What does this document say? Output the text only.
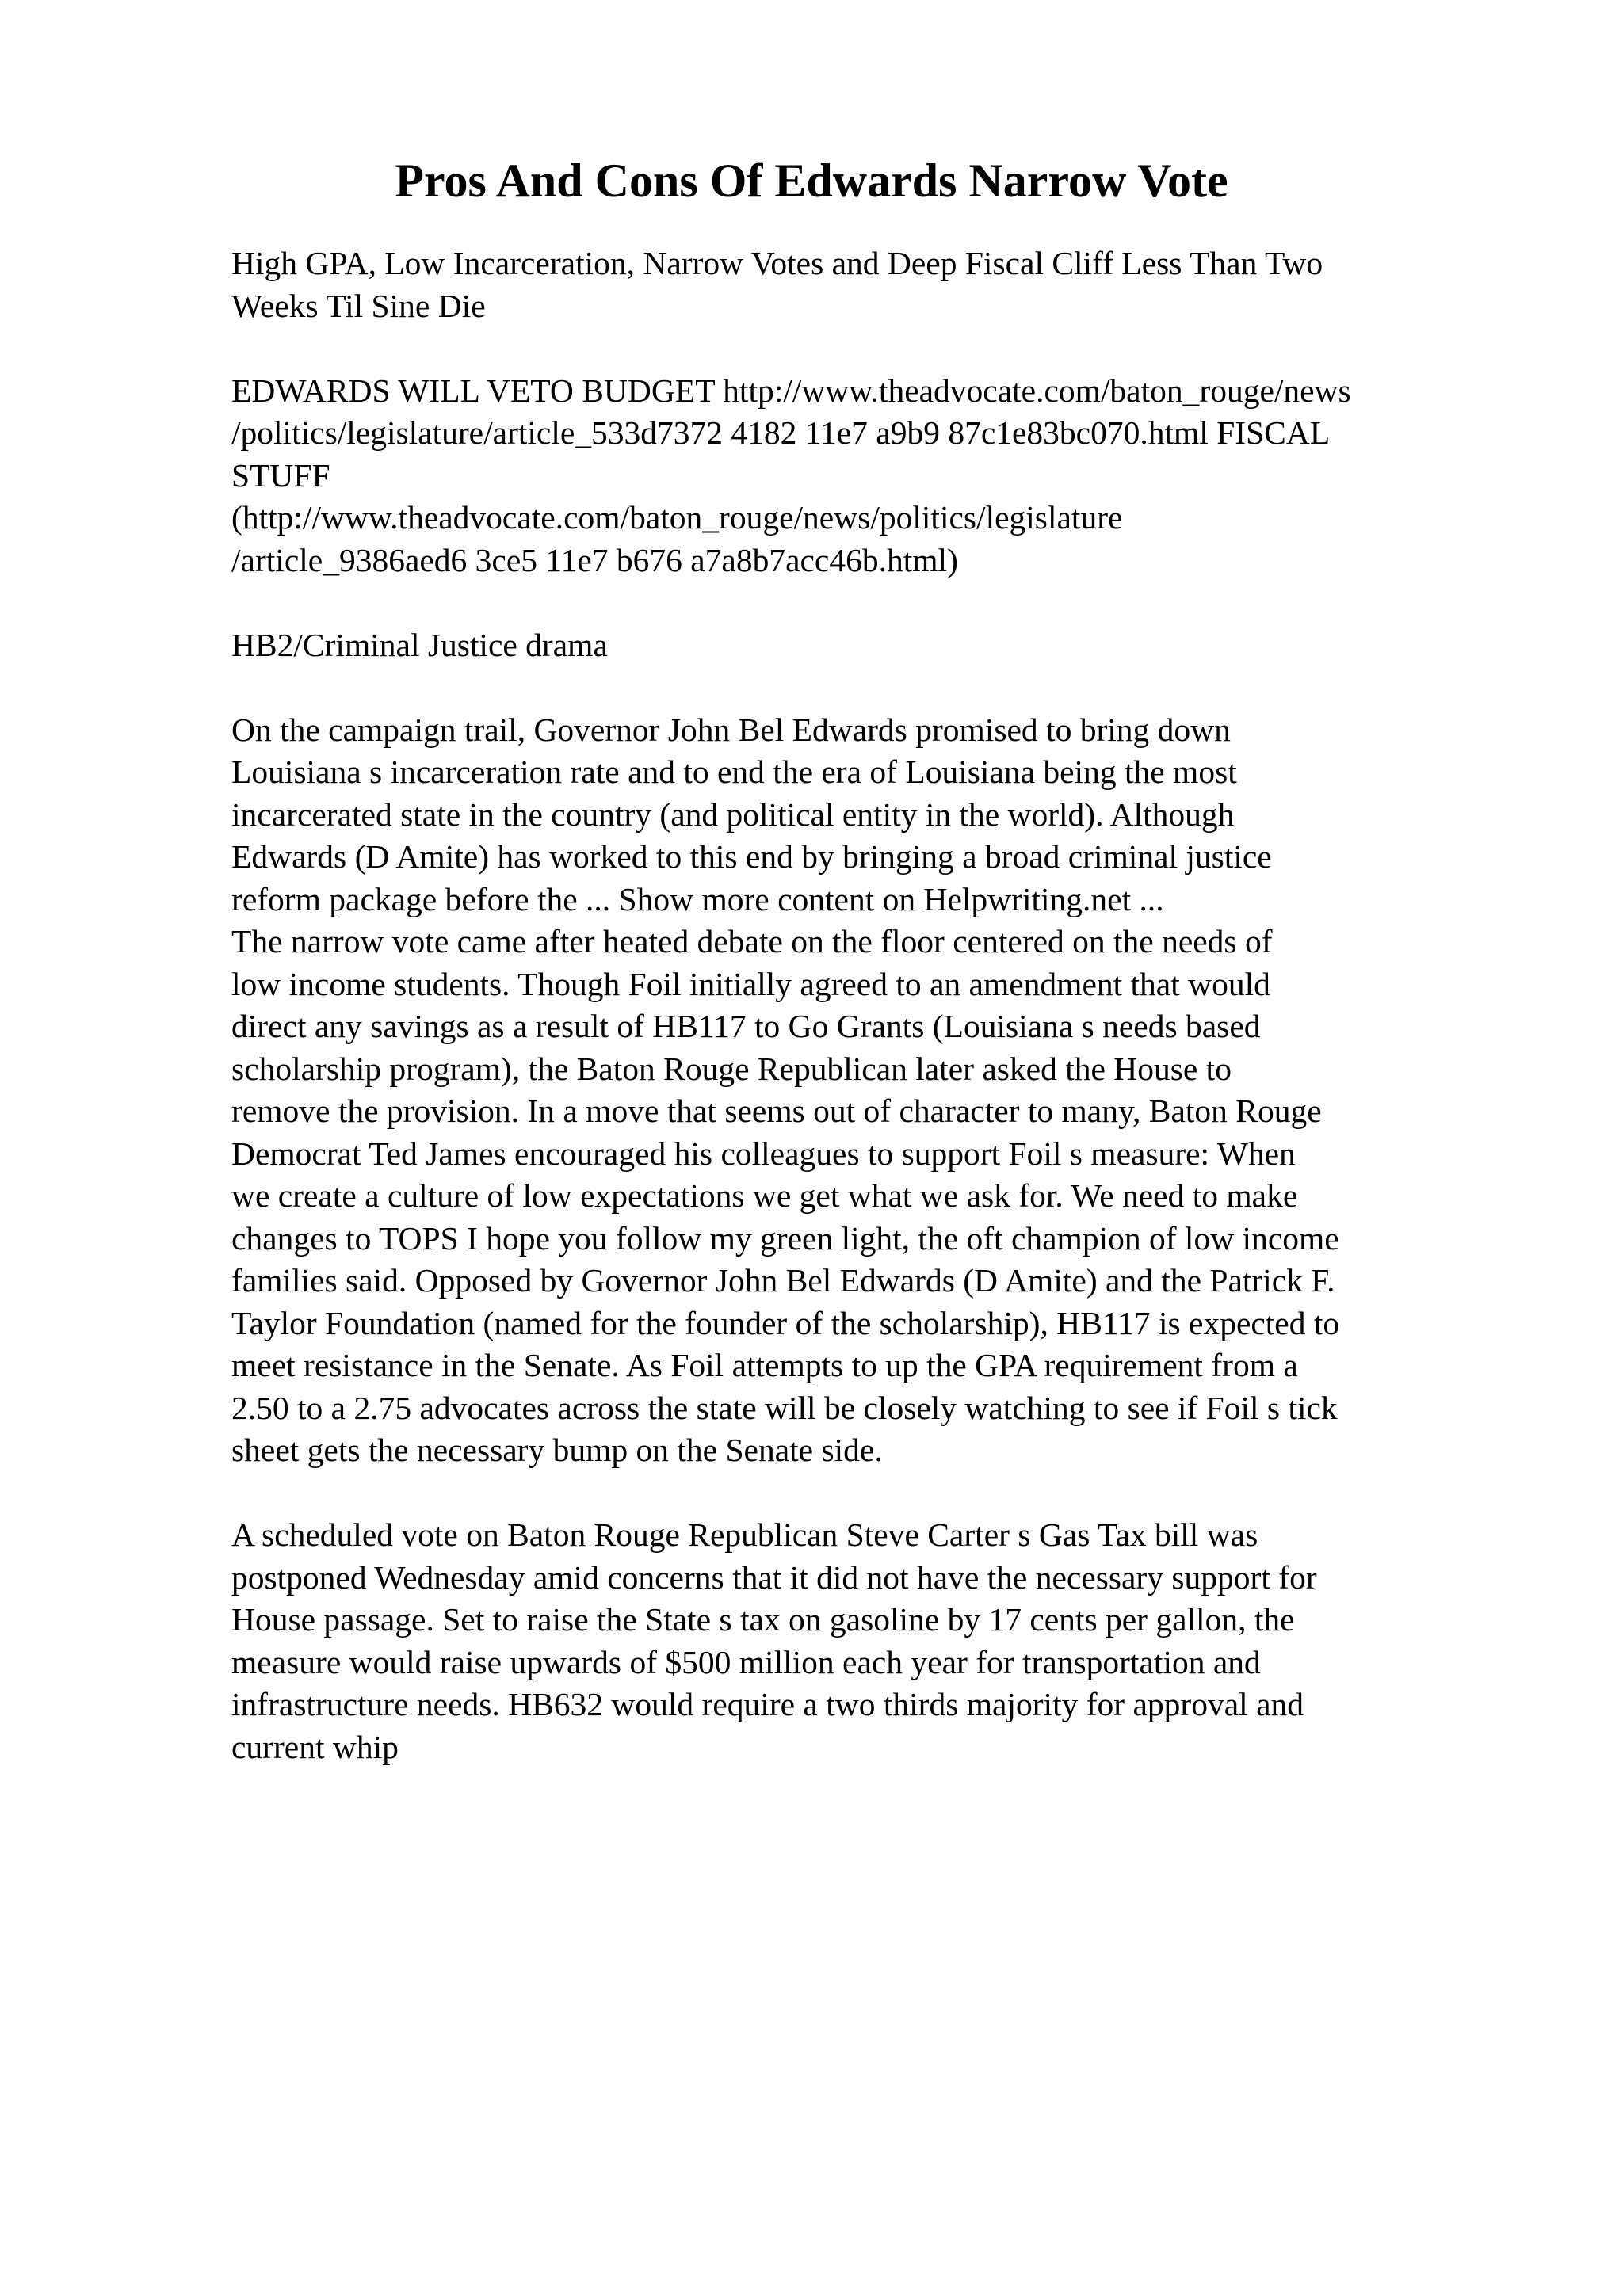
Pros And Cons Of Edwards Narrow Vote
High GPA, Low Incarceration, Narrow Votes and Deep Fiscal Cliff Less Than Two
Weeks Til Sine Die
EDWARDS WILL VETO BUDGET http://www.theadvocate.com/baton_rouge/news
/politics/legislature/article_533d7372 4182 11e7 a9b9 87c1e83bc070.html FISCAL
STUFF
(http://www.theadvocate.com/baton_rouge/news/politics/legislature
/article_9386aed6 3ce5 11e7 b676 a7a8b7acc46b.html)
HB2/Criminal Justice drama
On the campaign trail, Governor John Bel Edwards promised to bring down
Louisiana s incarceration rate and to end the era of Louisiana being the most
incarcerated state in the country (and political entity in the world). Although
Edwards (D Amite) has worked to this end by bringing a broad criminal justice
reform package before the ... Show more content on Helpwriting.net ...
The narrow vote came after heated debate on the floor centered on the needs of
low income students. Though Foil initially agreed to an amendment that would
direct any savings as a result of HB117 to Go Grants (Louisiana s needs based
scholarship program), the Baton Rouge Republican later asked the House to
remove the provision. In a move that seems out of character to many, Baton Rouge
Democrat Ted James encouraged his colleagues to support Foil s measure: When
we create a culture of low expectations we get what we ask for. We need to make
changes to TOPS I hope you follow my green light, the oft champion of low income
families said. Opposed by Governor John Bel Edwards (D Amite) and the Patrick F.
Taylor Foundation (named for the founder of the scholarship), HB117 is expected to
meet resistance in the Senate. As Foil attempts to up the GPA requirement from a
2.50 to a 2.75 advocates across the state will be closely watching to see if Foil s tick
sheet gets the necessary bump on the Senate side.
A scheduled vote on Baton Rouge Republican Steve Carter s Gas Tax bill was
postponed Wednesday amid concerns that it did not have the necessary support for
House passage. Set to raise the State s tax on gasoline by 17 cents per gallon, the
measure would raise upwards of $500 million each year for transportation and
infrastructure needs. HB632 would require a two thirds majority for approval and
current whip
